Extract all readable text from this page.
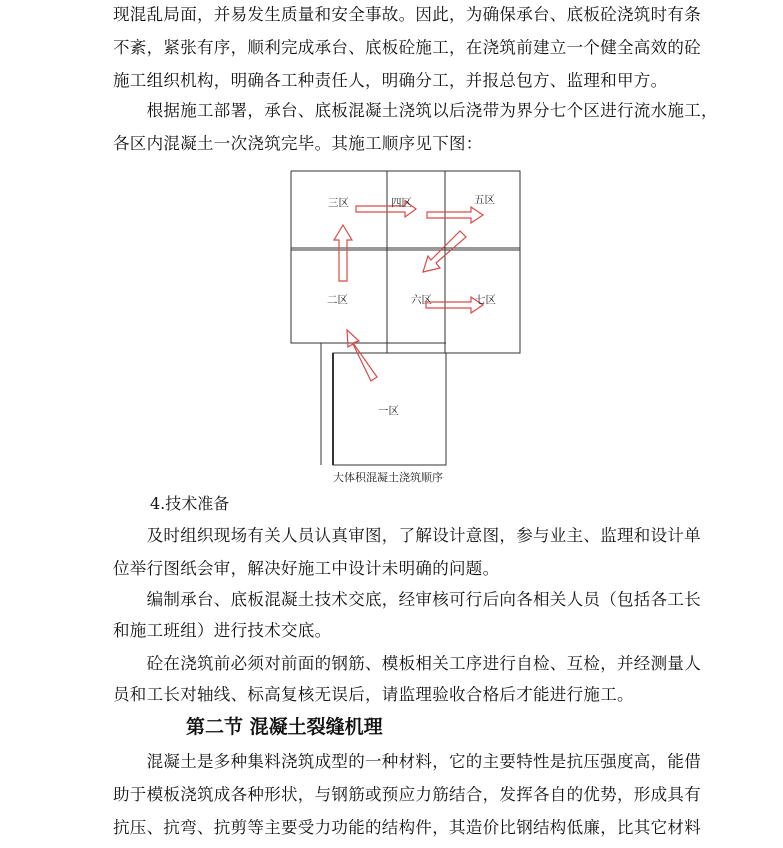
现混乱局面，并易发生质量和安全事故。因此，为确保承台、底板砼浇筑时有条

不紊，紧张有序，顺利完成承台、底板砼施工，在浇筑前建立一个健全高效的砼

施工组织机构，明确各工种责任人，明确分工，并报总包方、监理和甲方。

　　根据施工部署，承台、底板混凝土浇筑以后浇带为界分七个区进行流水施工，

各区内混凝土一次浇筑完毕。其施工顺序见下图：

三区	四区	五区
二区	六区	七区
一区
大体积混凝土浇筑顺序

4.技术准备

　　及时组织现场有关人员认真审图，了解设计意图，参与业主、监理和设计单

位举行图纸会审，解决好施工中设计未明确的问题。

　　编制承台、底板混凝土技术交底，经审核可行后向各相关人员（包括各工长

和施工班组）进行技术交底。

　　砼在浇筑前必须对前面的钢筋、模板相关工序进行自检、互检，并经测量人

员和工长对轴线、标高复核无误后，请监理验收合格后才能进行施工。

第二节 混凝土裂缝机理

　　混凝土是多种集料浇筑成型的一种材料，它的主要特性是抗压强度高，能借

助于模板浇筑成各种形状，与钢筋或预应力筋结合，发挥各自的优势，形成具有

抗压、抗弯、抗剪等主要受力功能的结构件，其造价比钢结构低廉，比其它材料
